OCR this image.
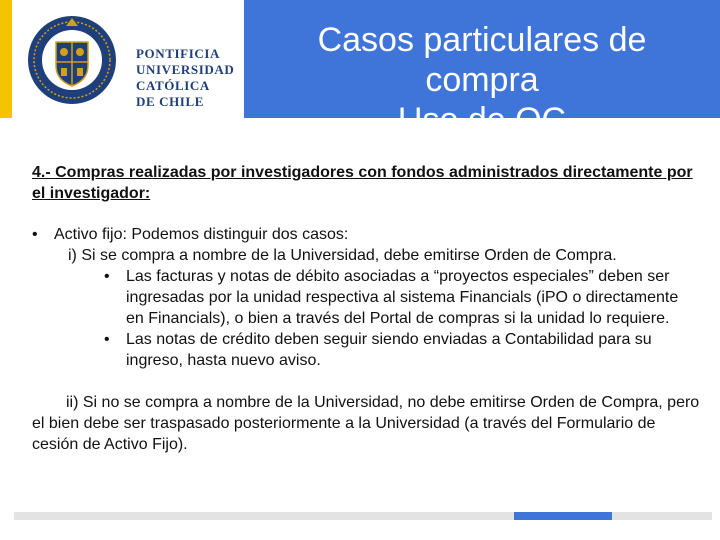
PONTIFICIA
UNIVERSIDAD
CATÓLICA
DE CHILE
Casos particulares de
compra
Uso de OC

4.- Compras realizadas por investigadores con fondos administrados directamente por el investigador:

• Activo fijo: Podemos distinguir dos casos:
i) Si se compra a nombre de la Universidad, debe emitirse Orden de Compra.
• Las facturas y notas de débito asociadas a “proyectos especiales” deben ser ingresadas por la unidad respectiva al sistema Financials (iPO o directamente en Financials), o bien a través del Portal de compras si la unidad lo requiere.
• Las notas de crédito deben seguir siendo enviadas a Contabilidad para su ingreso, hasta nuevo aviso.

ii) Si no se compra a nombre de la Universidad, no debe emitirse Orden de Compra, pero el bien debe ser traspasado posteriormente a la Universidad (a través del Formulario de cesión de Activo Fijo).
